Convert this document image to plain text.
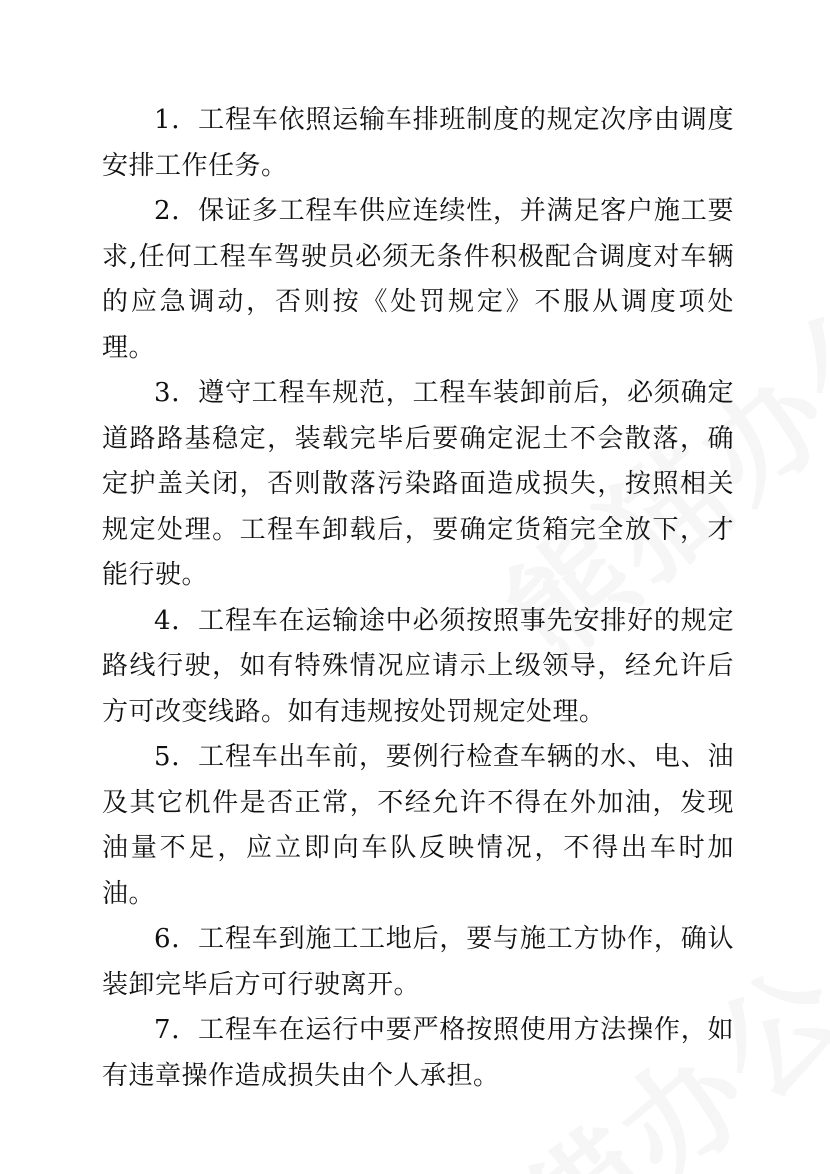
1．工程车依照运输车排班制度的规定次序由调度安排工作任务。

2．保证多工程车供应连续性，并满足客户施工要求,任何工程车驾驶员必须无条件积极配合调度对车辆的应急调动，否则按《处罚规定》不服从调度项处理。

3．遵守工程车规范，工程车装卸前后，必须确定道路路基稳定，装载完毕后要确定泥土不会散落，确定护盖关闭，否则散落污染路面造成损失，按照相关规定处理。工程车卸载后，要确定货箱完全放下，才能行驶。

4．工程车在运输途中必须按照事先安排好的规定路线行驶，如有特殊情况应请示上级领导，经允许后方可改变线路。如有违规按处罚规定处理。

5．工程车出车前，要例行检查车辆的水、电、油及其它机件是否正常，不经允许不得在外加油，发现油量不足，应立即向车队反映情况，不得出车时加油。

6．工程车到施工工地后，要与施工方协作，确认装卸完毕后方可行驶离开。

7．工程车在运行中要严格按照使用方法操作，如有违章操作造成损失由个人承担。
